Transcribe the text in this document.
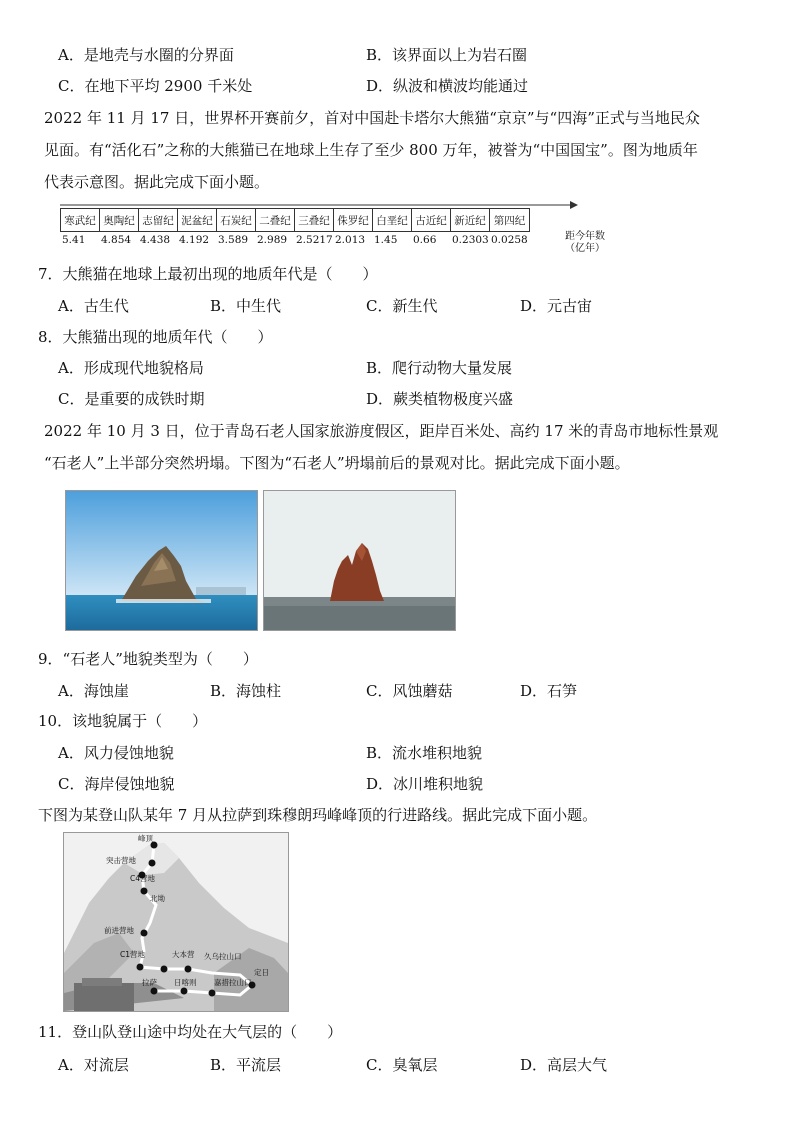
A．是地壳与水圈的分界面	B．该界面以上为岩石圈
C．在地下平均 2900 千米处	D．纵波和横波均能通过
2022 年 11 月 17 日，世界杯开赛前夕，首对中国赴卡塔尔大熊猫“京京”与“四海”正式与当地民众
见面。有“活化石”之称的大熊猫已在地球上生存了至少 800 万年，被誉为“中国国宝”。图为地质年
代表示意图。据此完成下面小题。
寒武纪 奥陶纪 志留纪 泥盆纪 石炭纪 二叠纪 三叠纪 侏罗纪 白垩纪 古近纪 新近纪 第四纪
5.41 4.854 4.438 4.192 3.589 2.989 2.5217 2.013 1.45 0.66 0.2303 0.0258	距今年数
（亿年）
7．大熊猫在地球上最初出现的地质年代是（　　）
A．古生代	B．中生代	C．新生代	D．元古宙
8．大熊猫出现的地质年代（　　）
A．形成现代地貌格局	B．爬行动物大量发展
C．是重要的成铁时期	D．蕨类植物极度兴盛
2022 年 10 月 3 日，位于青岛石老人国家旅游度假区，距岸百米处、高约 17 米的青岛市地标性景观
“石老人”上半部分突然坍塌。下图为“石老人”坍塌前后的景观对比。据此完成下面小题。
9．“石老人”地貌类型为（　　）
A．海蚀崖	B．海蚀柱	C．风蚀蘑菇	D．石笋
10．该地貌属于（　　）
A．风力侵蚀地貌	B．流水堆积地貌
C．海岸侵蚀地貌	D．冰川堆积地貌
下图为某登山队某年 7 月从拉萨到珠穆朗玛峰峰顶的行进路线。据此完成下面小题。
峰顶
突击营地
C4营地
北坳
前进营地
C1营地	大本营 久乌拉山口
定日
拉萨 日喀则 嘉措拉山口
11．登山队登山途中均处在大气层的（　　）
A．对流层	B．平流层	C．臭氧层	D．高层大气
